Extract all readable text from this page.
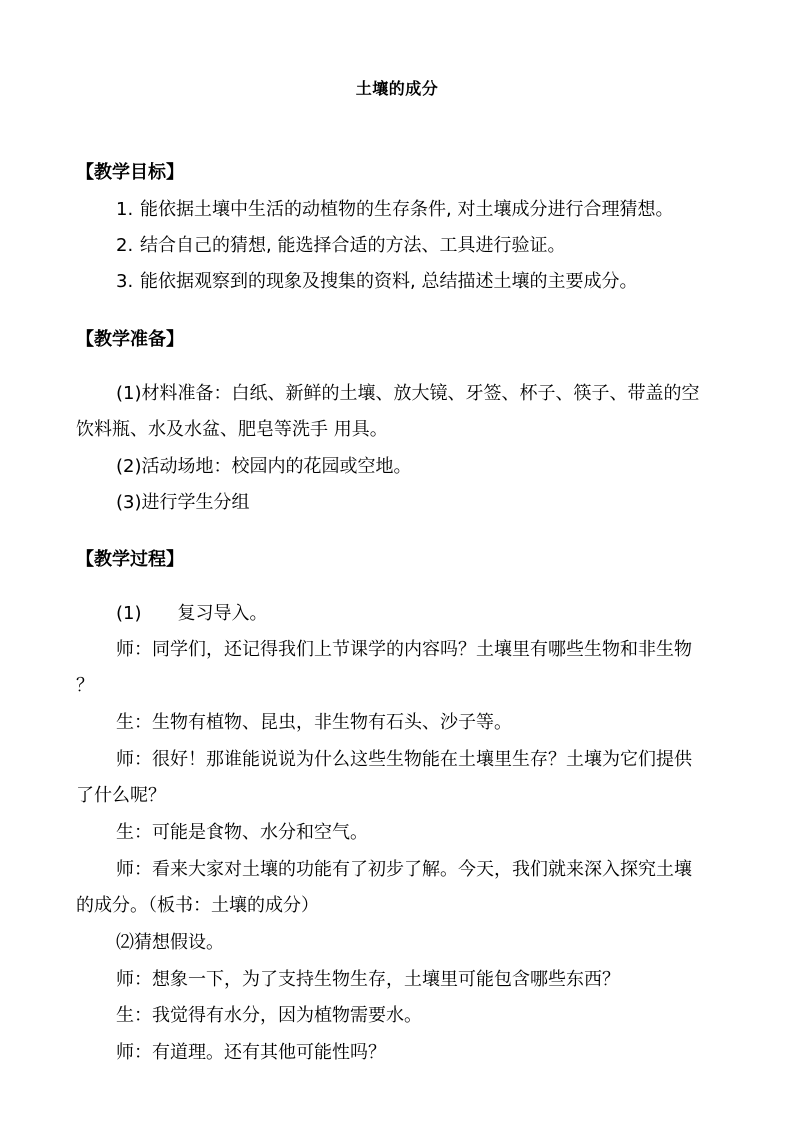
土壤的成分
【教学目标】
1. 能依据土壤中生活的动植物的生存条件, 对土壤成分进行合理猜想。
2. 结合自己的猜想, 能选择合适的方法、工具进行验证。
3. 能依据观察到的现象及搜集的资料, 总结描述土壤的主要成分。
【教学准备】
(1)材料准备：白纸、新鲜的土壤、放大镜、牙签、杯子、筷子、带盖的空
饮料瓶、水及水盆、肥皂等洗手 用具。
(2)活动场地：校园内的花园或空地。
(3)进行学生分组
【教学过程】
(1)　　复习导入。
师：同学们，还记得我们上节课学的内容吗？土壤里有哪些生物和非生物
？
生：生物有植物、昆虫，非生物有石头、沙子等。
师：很好！那谁能说说为什么这些生物能在土壤里生存？土壤为它们提供
了什么呢？
生：可能是食物、水分和空气。
师：看来大家对土壤的功能有了初步了解。今天，我们就来深入探究土壤
的成分。（板书：土壤的成分）
⑵猜想假设。
师：想象一下，为了支持生物生存，土壤里可能包含哪些东西？
生：我觉得有水分，因为植物需要水。
师：有道理。还有其他可能性吗？
